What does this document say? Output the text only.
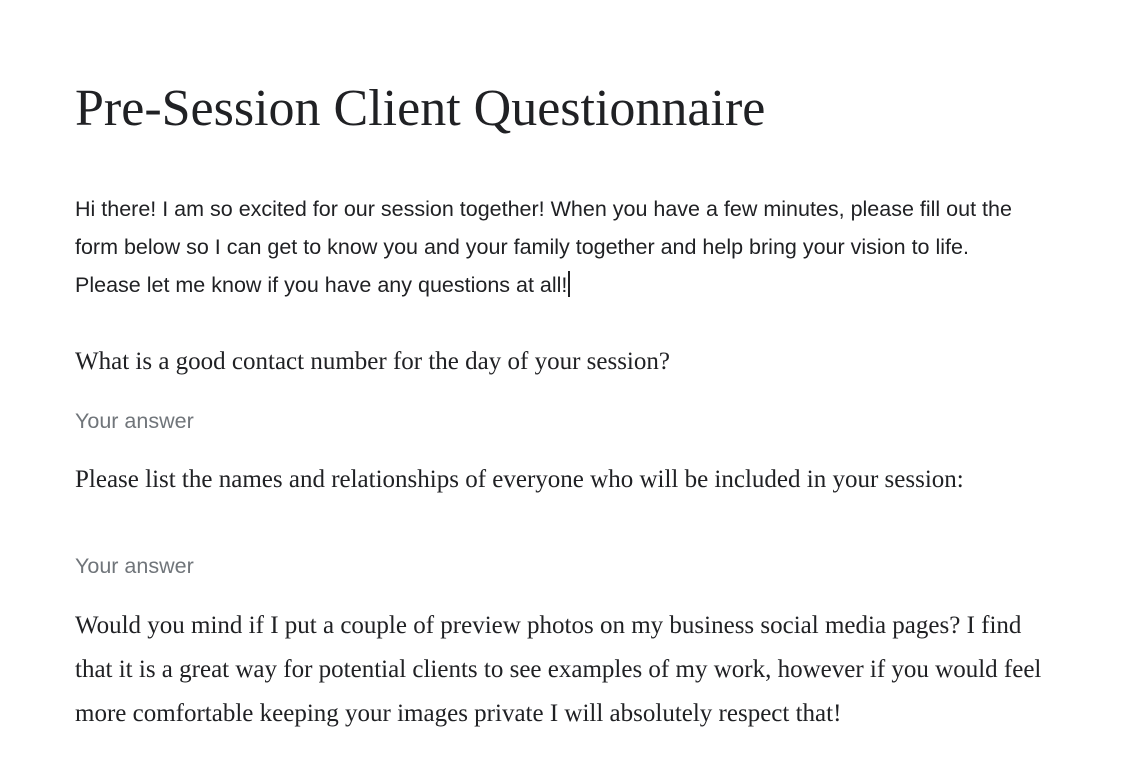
Pre-Session Client Questionnaire
Hi there! I am so excited for our session together! When you have a few minutes, please fill out the
form below so I can get to know you and your family together and help bring your vision to life.
Please let me know if you have any questions at all!

What is a good contact number for the day of your session?

Your answer

Please list the names and relationships of everyone who will be included in your session:

Your answer
Would you mind if I put a couple of preview photos on my business social media pages? I find
that it is a great way for potential clients to see examples of my work, however if you would feel
more comfortable keeping your images private I will absolutely respect that!
